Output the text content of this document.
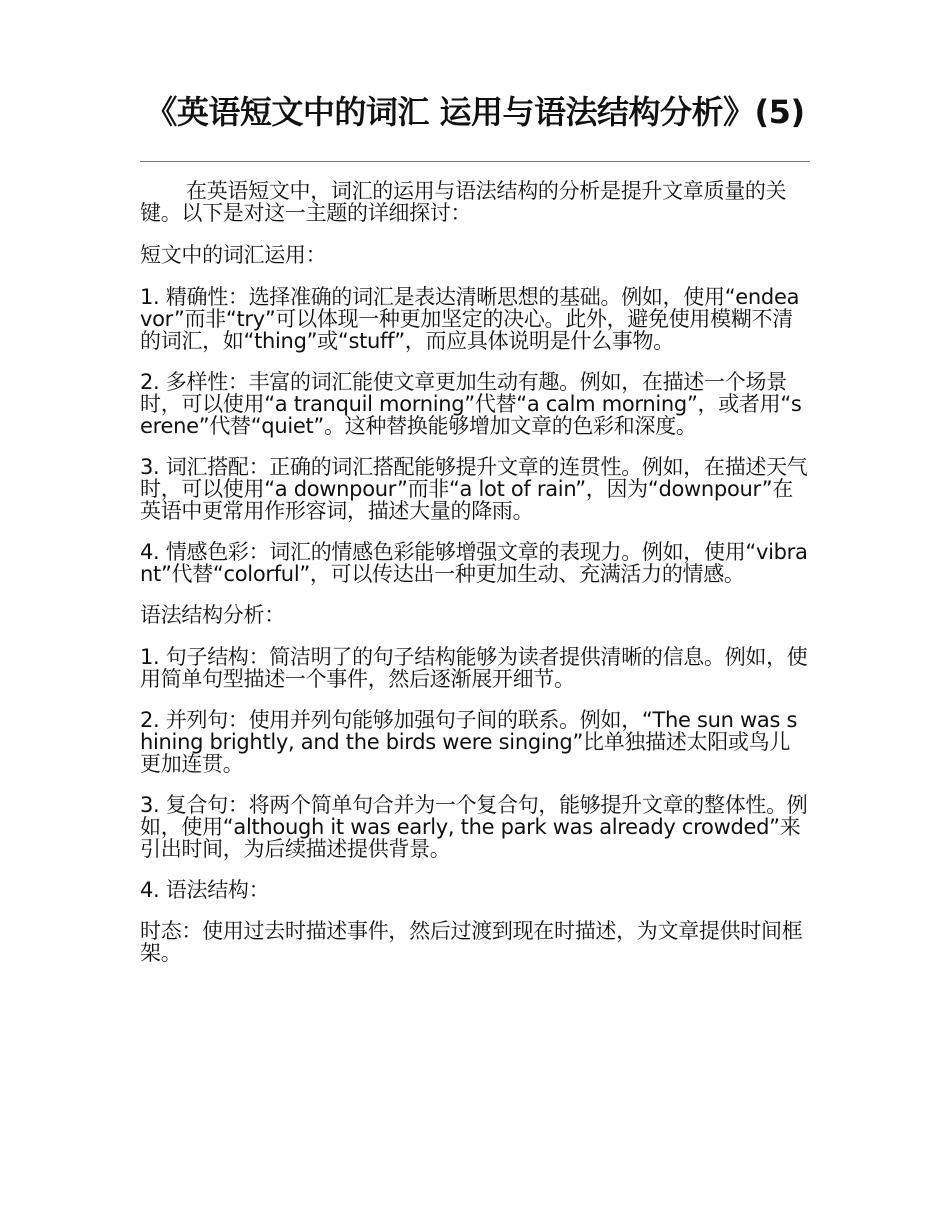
《英语短文中的词汇 运用与语法结构分析》(5)

在英语短文中，词汇的运用与语法结构的分析是提升文章质量的关键。以下是对这一主题的详细探讨：

短文中的词汇运用：

1. 精确性：选择准确的词汇是表达清晰思想的基础。例如，使用“endeavor”而非“try”可以体现一种更加坚定的决心。此外，避免使用模糊不清的词汇，如“thing”或“stuff”，而应具体说明是什么事物。

2. 多样性：丰富的词汇能使文章更加生动有趣。例如，在描述一个场景时，可以使用“a tranquil morning”代替“a calm morning”，或者用“serene”代替“quiet”。这种替换能够增加文章的色彩和深度。

3. 词汇搭配：正确的词汇搭配能够提升文章的连贯性。例如，在描述天气时，可以使用“a downpour”而非“a lot of rain”，因为“downpour”在英语中更常用作形容词，描述大量的降雨。

4. 情感色彩：词汇的情感色彩能够增强文章的表现力。例如，使用“vibrant”代替“colorful”，可以传达出一种更加生动、充满活力的情感。

语法结构分析：

1. 句子结构：简洁明了的句子结构能够为读者提供清晰的信息。例如，使用简单句型描述一个事件，然后逐渐展开细节。

2. 并列句：使用并列句能够加强句子间的联系。例如，“The sun was shining brightly, and the birds were singing”比单独描述太阳或鸟儿更加连贯。

3. 复合句：将两个简单句合并为一个复合句，能够提升文章的整体性。例如，使用“although it was early, the park was already crowded”来引出时间，为后续描述提供背景。

4. 语法结构：

时态：使用过去时描述事件，然后过渡到现在时描述，为文章提供时间框架。
